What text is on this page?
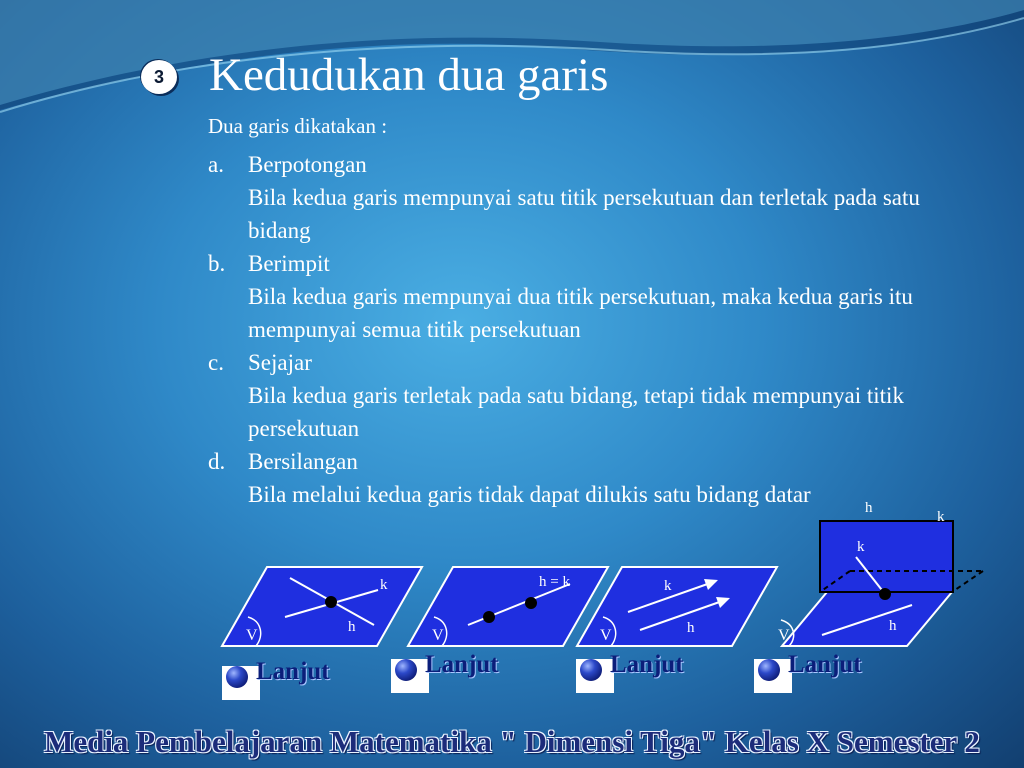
3 Kedudukan dua garis
Dua garis dikatakan :
a. Berpotongan
Bila kedua garis mempunyai satu titik persekutuan dan terletak pada satu bidang
b. Berimpit
Bila kedua garis mempunyai dua titik persekutuan, maka kedua garis itu mempunyai semua titik persekutuan
c. Sejajar
Bila kedua garis terletak pada satu bidang, tetapi tidak mempunyai titik persekutuan
d. Bersilangan
Bila melalui kedua garis tidak dapat dilukis satu bidang datar
V
k
h	V
h = k
V
k
h	V
k
h
h
k
Lanjut	Lanjut	Lanjut	Lanjut
Media Pembelajaran Matematika " Dimensi Tiga" Kelas X Semester 2
